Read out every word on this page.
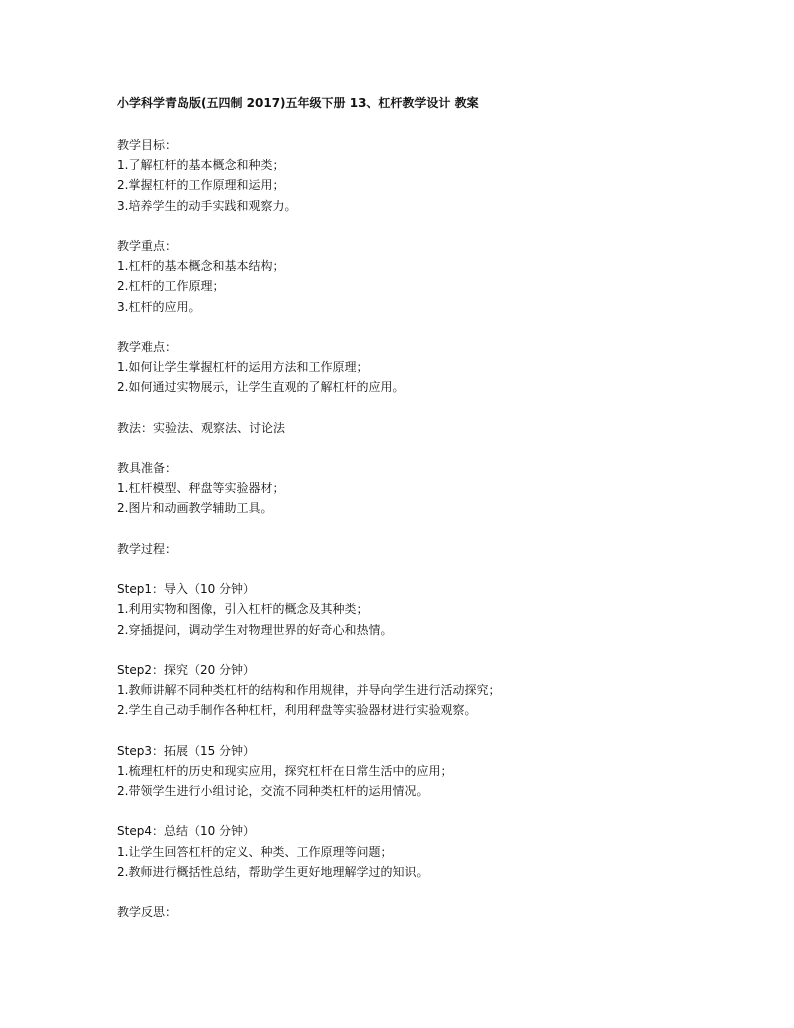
小学科学青岛版(五四制 2017)五年级下册 13、杠杆教学设计 教案
教学目标：
1.了解杠杆的基本概念和种类；
2.掌握杠杆的工作原理和运用；
3.培养学生的动手实践和观察力。
教学重点：
1.杠杆的基本概念和基本结构；
2.杠杆的工作原理；
3.杠杆的应用。
教学难点：
1.如何让学生掌握杠杆的运用方法和工作原理；
2.如何通过实物展示，让学生直观的了解杠杆的应用。
教法：实验法、观察法、讨论法
教具准备：
1.杠杆模型、秤盘等实验器材；
2.图片和动画教学辅助工具。
教学过程：
Step1：导入（10 分钟）
1.利用实物和图像，引入杠杆的概念及其种类；
2.穿插提问，调动学生对物理世界的好奇心和热情。
Step2：探究（20 分钟）
1.教师讲解不同种类杠杆的结构和作用规律，并导向学生进行活动探究；
2.学生自己动手制作各种杠杆，利用秤盘等实验器材进行实验观察。
Step3：拓展（15 分钟）
1.梳理杠杆的历史和现实应用，探究杠杆在日常生活中的应用；
2.带领学生进行小组讨论，交流不同种类杠杆的运用情况。
Step4：总结（10 分钟）
1.让学生回答杠杆的定义、种类、工作原理等问题；
2.教师进行概括性总结，帮助学生更好地理解学过的知识。
教学反思：
